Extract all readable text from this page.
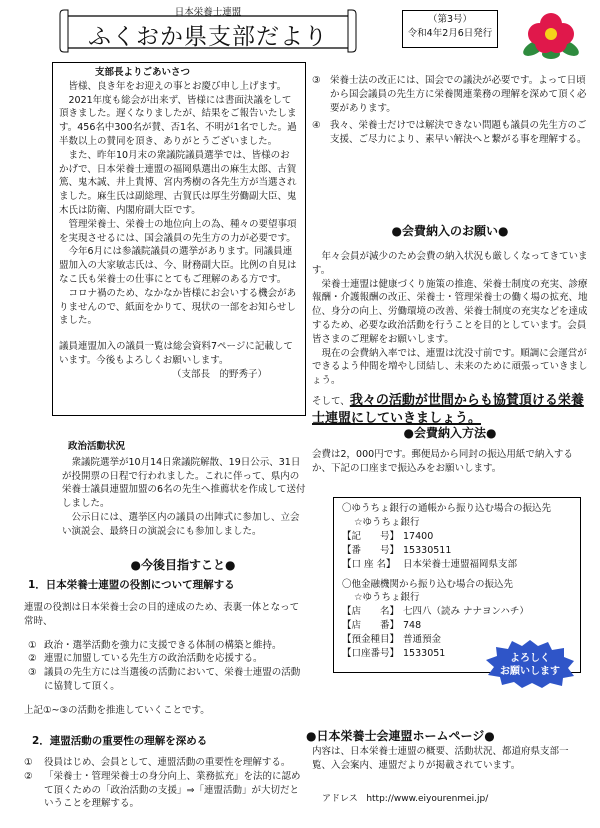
日本栄養士連盟
ふくおか県支部だより
（第3号）
令和4年2月6日発行
支部長よりごあいさつ

皆様、良き年をお迎えの事とお慶び申し上げます。

2021年度も総会が出来ず、皆様には書面決議をして頂きました。遅くなりましたが、結果をご報告いたします。456名中300名が賛、否1名、不明が1名でした。過半数以上の賛同を頂き、ありがとうございました。

また、昨年10月末の衆議院議員選挙では、皆様のおかげで、日本栄養士連盟の福岡県選出の麻生太郎、古賀篤、鬼木誠、井上貴博、宮内秀樹の各先生方が当選されました。麻生氏は副総理、古賀氏は厚生労働副大臣、鬼木氏は防衛、内閣府副大臣です。

管理栄養士、栄養士の地位向上の為、種々の要望事項を実現させるには、国会議員の先生方の力が必要です。

今年6月には参議院議員の選挙があります。同議員連盟加入の大家敏志氏は、今、財務副大臣。比例の自見はなこ氏も栄養士の仕事にとてもご理解のある方です。

コロナ禍のため、なかなか皆様にお会いする機会がありませんので、紙面をかりて、現状の一部をお知らせしました。

議員連盟加入の議員一覧は総会資料7ページに記載しています。今後もよろしくお願いします。

（支部長　的野秀子）
政治活動状況

衆議院選挙が10月14日衆議院解散、19日公示、31日が投開票の日程で行われました。これに伴って、県内の栄養士議員連盟加盟の6名の先生へ推薦状を作成して送付しました。

公示日には、選挙区内の議員の出陣式に参加し、立会い演説会、最終日の演説会にも参加しました。

●今後目指すこと●
1．日本栄養士連盟の役割について理解する

連盟の役割は日本栄養士会の目的達成のため、表裏一体となって常時、

① 政治・選挙活動を強力に支援できる体制の構築と維持。
② 連盟に加盟している先生方の政治活動を応援する。
③ 議員の先生方には当選後の活動において、栄養士連盟の活動に協賛して頂く。

上記①~③の活動を推進していくことです。

2．連盟活動の重要性の理解を深める
① 役員はじめ、会員として、連盟活動の重要性を理解する。
② 「栄養士・管理栄養士の身分向上、業務拡充」を法的に認めて頂くための「政治活動の支援」⇒「連盟活動」が大切だということを理解する。
③ 栄養士法の改正には、国会での議決が必要です。よって日頃から国会議員の先生方に栄養関連業務の理解を深めて頂く必要があります。
④ 我々、栄養士だけでは解決できない問題も議員の先生方のご支援、ご尽力により、素早い解決へと繋がる事を理解する。
●会費納入のお願い●

年々会員が減少のため会費の納入状況も厳しくなってきています。

栄養士連盟は健康づくり施策の推進、栄養士制度の充実、診療報酬・介護報酬の改正、栄養士・管理栄養士の働く場の拡充、地位、身分の向上、労働環境の改善、栄養士制度の充実などを達成するため、必要な政治活動を行うことを目的としています。会員皆さまのご理解をお願いします。

現在の会費納入率では、連盟は沈没寸前です。順調に会運営ができるよう仲間を増やし団結し、未来のために頑張っていきましょう。

そして、我々の活動が世間からも協賛頂ける栄養士連盟にしていきましょう。

●会費納入方法●
会費は2，000円です。郵便局から同封の振込用紙で納入するか、下記の口座まで振込みをお願いします。
〇ゆうちょ銀行の通帳から振り込む場合の振込先
☆ゆうちょ銀行
【記　　号】	17400
【番　　号】	15330511
【口 座 名】	日本栄養士連盟福岡県支部
〇他金融機関から振り込む場合の振込先
☆ゆうちょ銀行
【店　　名】	七四八（読み ナナヨンハチ）
【店　　番】	748
【預金種目】	普通預金
【口座番号】	1533051	よろしく
お願いします
●日本栄養士会連盟ホームページ●
内容は、日本栄養士連盟の概要、活動状況、都道府県支部一覧、入会案内、連盟だよりが掲載されています。
アドレス http://www.eiyourenmei.jp/
